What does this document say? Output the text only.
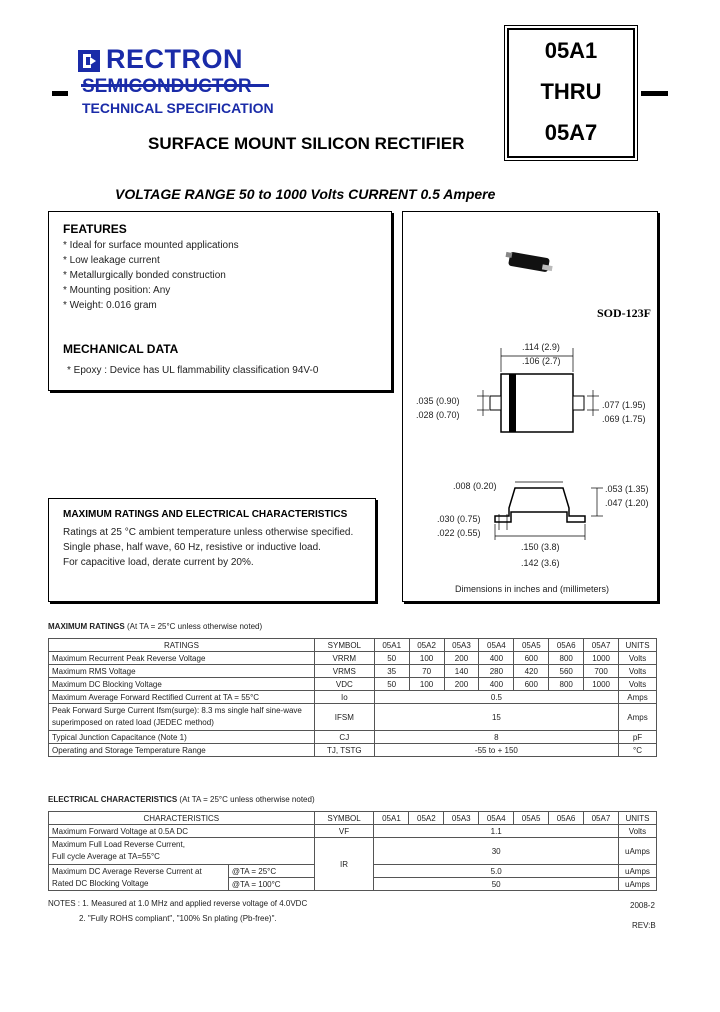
RECTRON
TECHNICAL SPECIFICATION
05A1
THRU
05A7
SURFACE MOUNT SILICON RECTIFIER
VOLTAGE RANGE 50 to 1000 Volts CURRENT 0.5 Ampere
FEATURES
* Ideal for surface mounted applications
* Low leakage current
* Metallurgically bonded construction
* Mounting position: Any
* Weight: 0.016 gram
MECHANICAL DATA
* Epoxy : Device has UL flammability classification 94V-0
SOD-123F
.114 (2.9)
.106 (2.7)
.035 (0.90)
.028 (0.70)
.077 (1.95)
.069 (1.75)
.008 (0.20)	.053 (1.35)
.047 (1.20)
.030 (0.75)
.022 (0.55)
.150 (3.8)
.142 (3.6)
Dimensions in inches and (millimeters)
MAXIMUM RATINGS AND ELECTRICAL CHARACTERISTICS
Ratings at 25 °C ambient temperature unless otherwise specified.
Single phase, half wave, 60 Hz, resistive or inductive load.
For capacitive load, derate current by 20%.
MAXIMUM RATINGS (At TA = 25°C unless otherwise noted)
RATINGS	SYMBOL	05A1	05A2	05A3	05A4	05A5	05A6	05A7	UNITS
Maximum Recurrent Peak Reverse Voltage	VRRM	50	100	200	400	600	800	1000	Volts
Maximum RMS Voltage	VRMS	35	70	140	280	420	560	700	Volts
Maximum DC Blocking Voltage	VDC	50	100	200	400	600	800	1000	Volts
Maximum Average Forward Rectified Current at TA = 55°C	Io	0.5							Amps

Peak Forward Surge Current Ifsm(surge): 8.3 ms single half sine-wave
superimposed on rated load (JEDEC method)	IFSM	15							Amps
Typical Junction Capacitance (Note 1)	CJ	8							pF
Operating and Storage Temperature Range	TJ, TSTG	-55 to + 150							°C
ELECTRICAL CHARACTERISTICS (At TA = 25°C unless otherwise noted)
CHARACTERISTICS		SYMBOL	05A1	05A2	05A3	05A4	05A5	05A6	05A7	UNITS
Maximum Forward Voltage at 0.5A DC		VF	1.1							Volts

Maximum Full Load Reverse Current,
Full cycle Average at TA=55°C		IR	30							uAmps

Maximum DC Average Reverse Current at
Rated DC Blocking Voltage	@TA = 25°C		5.0							uAmps
	@TA = 100°C		50							uAmps
NOTES : 1. Measured at 1.0 MHz and applied reverse voltage of 4.0VDC
2. "Fully ROHS compliant", "100% Sn plating (Pb-free)".
2008-2
REV:B
